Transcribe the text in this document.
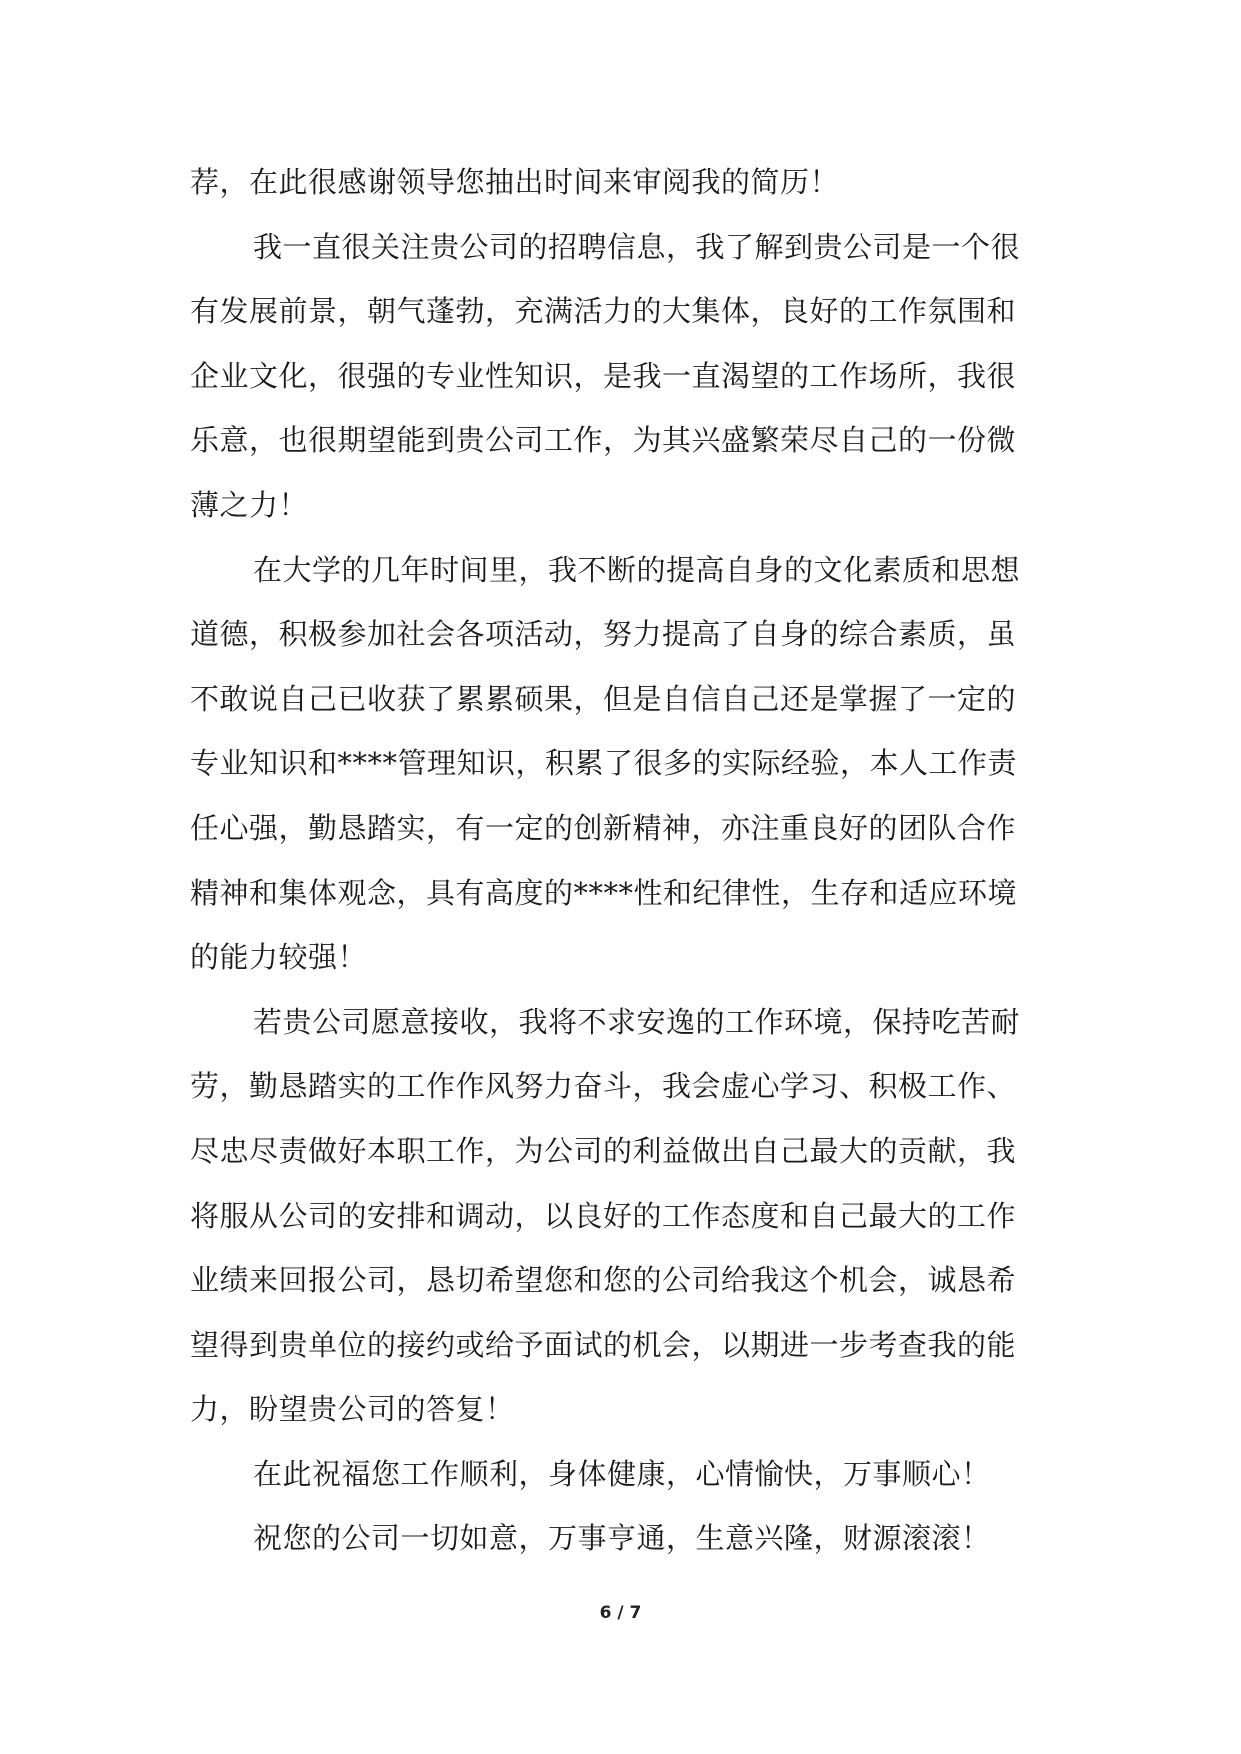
荐，在此很感谢领导您抽出时间来审阅我的简历！
我一直很关注贵公司的招聘信息，我了解到贵公司是一个很
有发展前景，朝气蓬勃，充满活力的大集体，良好的工作氛围和
企业文化，很强的专业性知识，是我一直渴望的工作场所，我很
乐意，也很期望能到贵公司工作，为其兴盛繁荣尽自己的一份微
薄之力！
在大学的几年时间里，我不断的提高自身的文化素质和思想
道德，积极参加社会各项活动，努力提高了自身的综合素质，虽
不敢说自己已收获了累累硕果，但是自信自己还是掌握了一定的
专业知识和****管理知识，积累了很多的实际经验，本人工作责
任心强，勤恳踏实，有一定的创新精神，亦注重良好的团队合作
精神和集体观念，具有高度的****性和纪律性，生存和适应环境
的能力较强！
若贵公司愿意接收，我将不求安逸的工作环境，保持吃苦耐
劳，勤恳踏实的工作作风努力奋斗，我会虚心学习、积极工作、
尽忠尽责做好本职工作，为公司的利益做出自己最大的贡献，我
将服从公司的安排和调动，以良好的工作态度和自己最大的工作
业绩来回报公司，恳切希望您和您的公司给我这个机会，诚恳希
望得到贵单位的接约或给予面试的机会，以期进一步考查我的能
力，盼望贵公司的答复！
在此祝福您工作顺利，身体健康，心情愉快，万事顺心！
祝您的公司一切如意，万事亨通，生意兴隆，财源滚滚！
6 / 7
